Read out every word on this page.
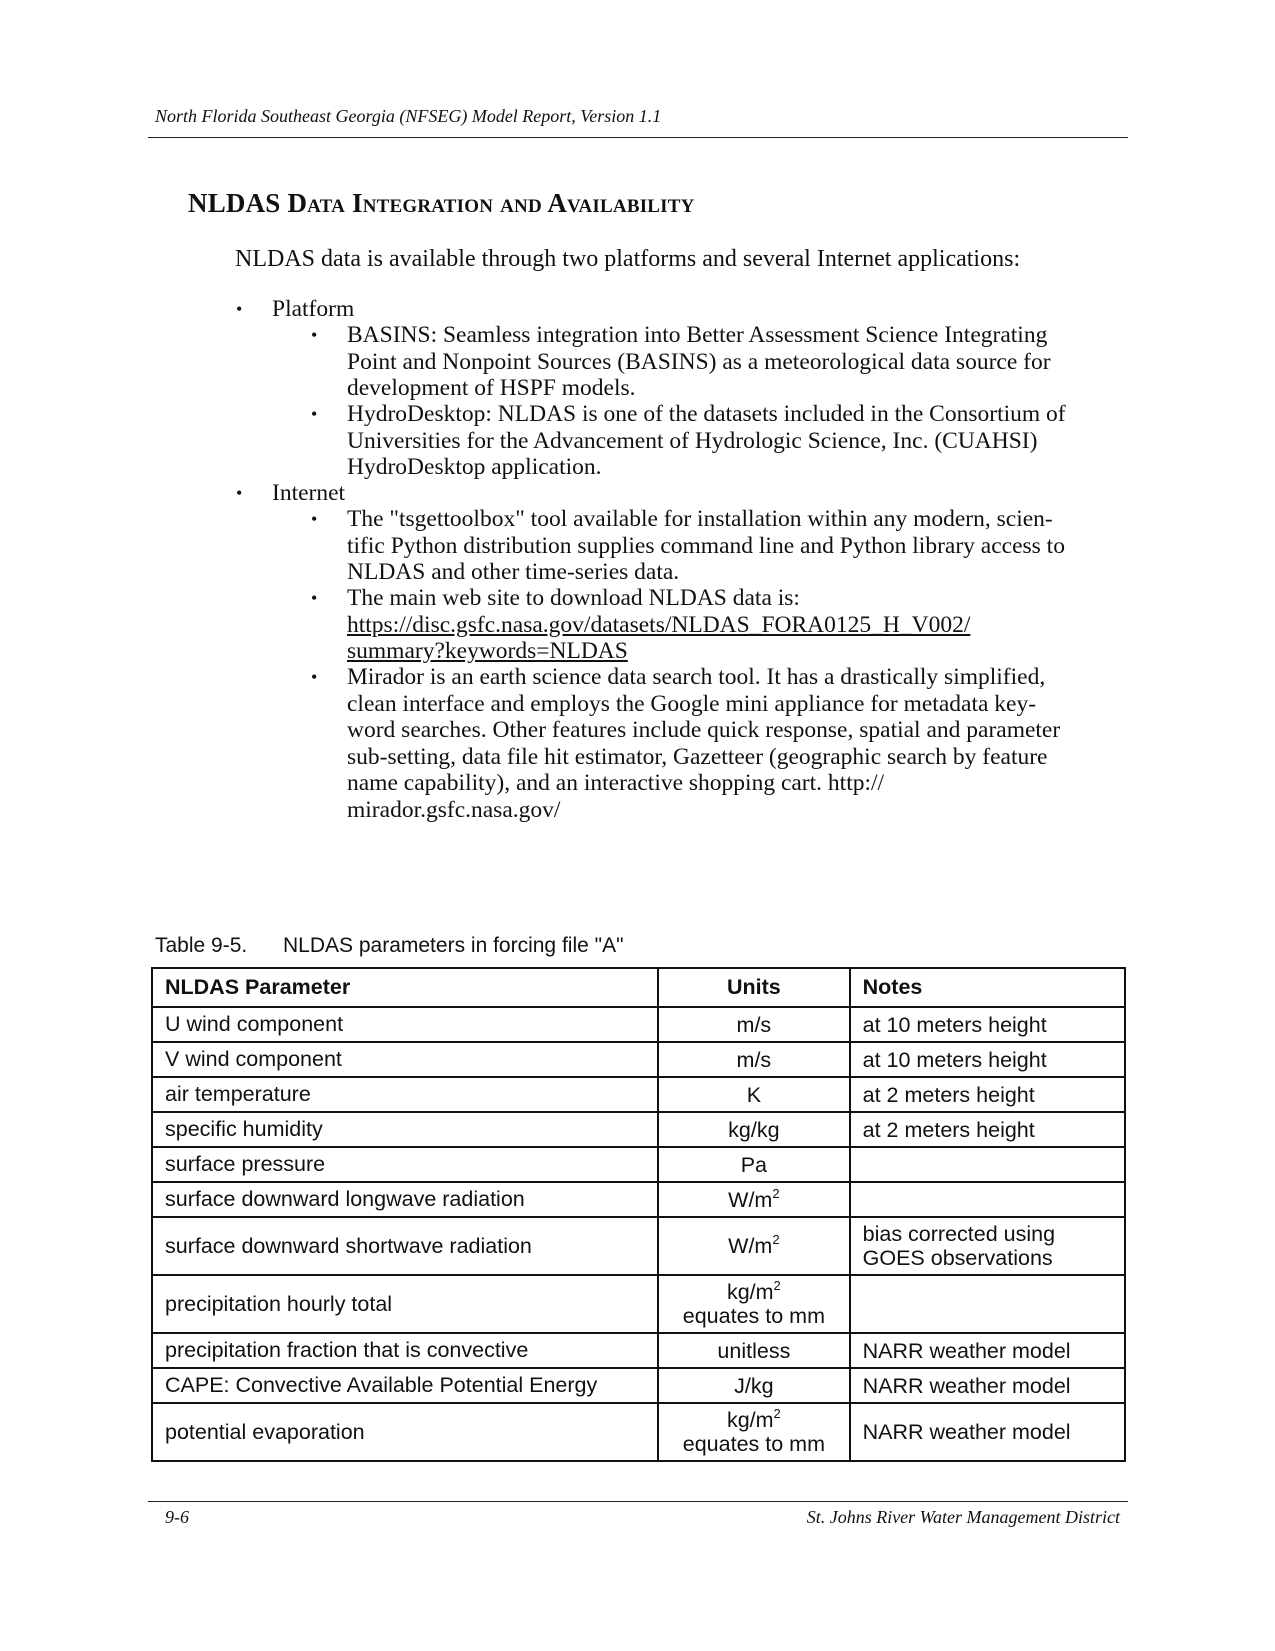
North Florida Southeast Georgia (NFSEG) Model Report, Version 1.1
NLDAS Data Integration and Availability
NLDAS data is available through two platforms and several Internet applications:
• Platform
• BASINS: Seamless integration into Better Assessment Science Integrating
Point and Nonpoint Sources (BASINS) as a meteorological data source for
development of HSPF models.
• HydroDesktop: NLDAS is one of the datasets included in the Consortium of
Universities for the Advancement of Hydrologic Science, Inc. (CUAHSI)
HydroDesktop application.
• Internet
• The "tsgettoolbox" tool available for installation within any modern, scien-
tific Python distribution supplies command line and Python library access to
NLDAS and other time-series data.
• The main web site to download NLDAS data is:
https://disc.gsfc.nasa.gov/datasets/NLDAS_FORA0125_H_V002/
summary?keywords=NLDAS
• Mirador is an earth science data search tool. It has a drastically simplified,
clean interface and employs the Google mini appliance for metadata key-
word searches. Other features include quick response, spatial and parameter
sub-setting, data file hit estimator, Gazetteer (geographic search by feature
name capability), and an interactive shopping cart. http://
mirador.gsfc.nasa.gov/
Table 9-5. NLDAS parameters in forcing file "A"
NLDAS Parameter	Units	Notes
U wind component	m/s	at 10 meters height

V wind component	m/s	at 10 meters height

air temperature	K	at 2 meters height

specific humidity	kg/kg	at 2 meters height

surface pressure	Pa	

surface downward longwave radiation	$W/m^2$

surface downward shortwave radiation	$W/m^2$	bias corrected using
GOES observations

precipitation hourly total	$kg/m^2$
equates to mm	

precipitation fraction that is convective	unitless	NARR weather model

CAPE: Convective Available Potential Energy	J/kg	NARR weather model

potential evaporation	$kg/m^2$
equates to mm	NARR weather model
9-6	St. Johns River Water Management District
